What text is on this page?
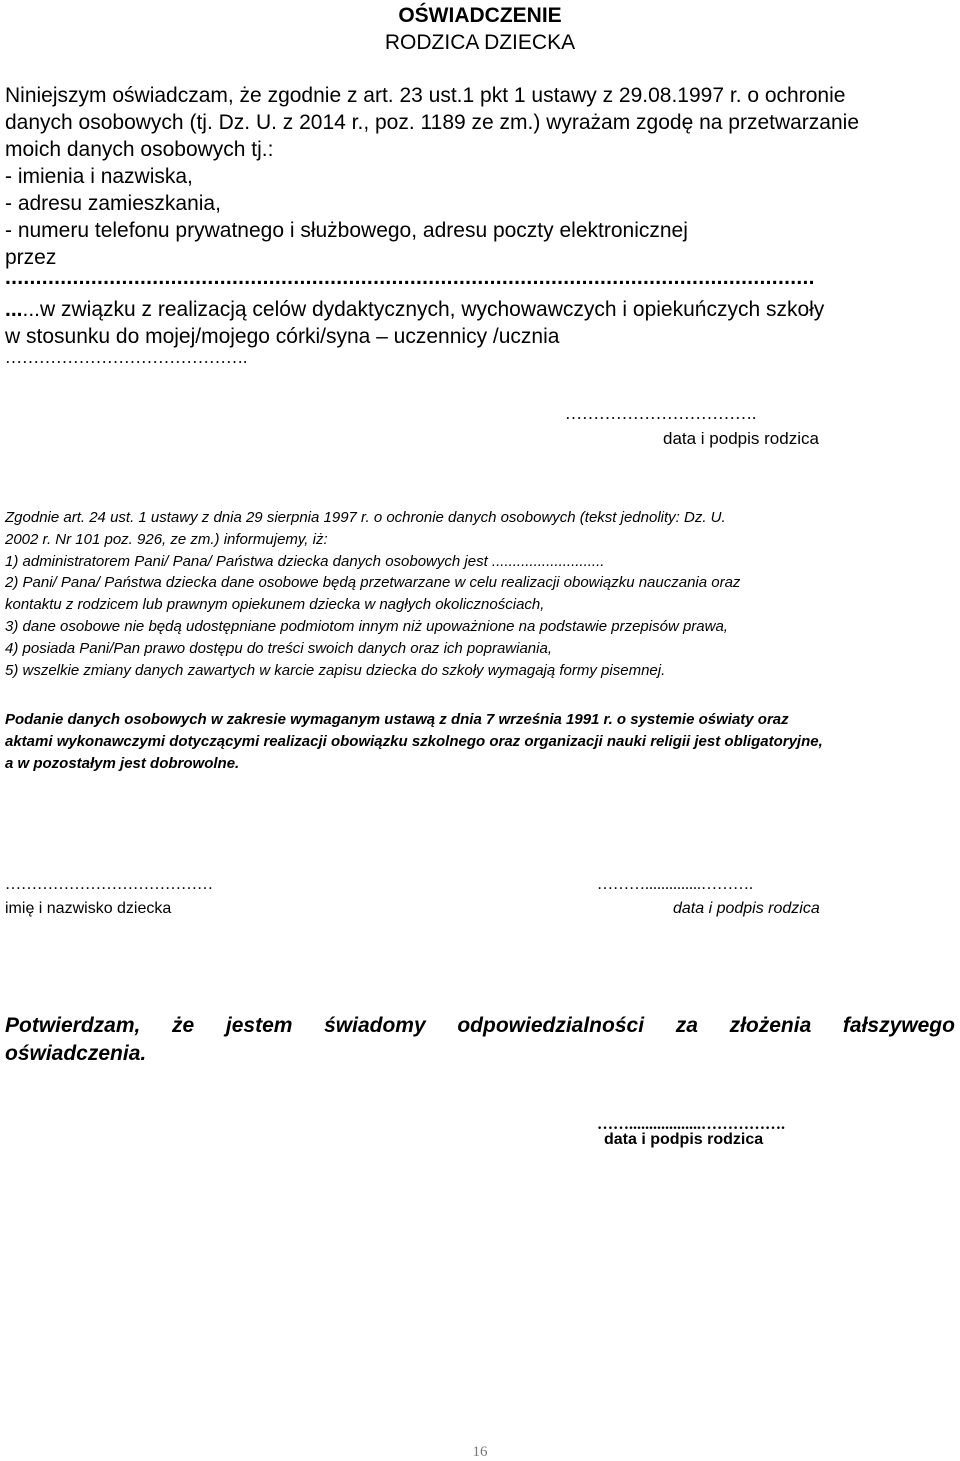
OŚWIADCZENIE
RODZICA DZIECKA
Niniejszym oświadczam, że zgodnie z art. 23 ust.1 pkt 1 ustawy z 29.08.1997 r. o ochronie
danych osobowych (tj. Dz. U. z 2014 r., poz. 1189 ze zm.) wyrażam zgodę na przetwarzanie
moich danych osobowych tj.:
- imienia i nazwiska,
- adresu zamieszkania,
- numeru telefonu prywatnego i służbowego, adresu poczty elektronicznej
przez
....................................................................................................................................
......w związku z realizacją celów dydaktycznych, wychowawczych i opiekuńczych szkoły
w stosunku do mojej/mojego córki/syna – uczennicy /ucznia
…………………………………….
…………………………….
data i podpis rodzica
Zgodnie art. 24 ust. 1 ustawy z dnia 29 sierpnia 1997 r. o ochronie danych osobowych (tekst jednolity: Dz. U.
2002 r. Nr 101 poz. 926, ze zm.) informujemy, iż:
1) administratorem Pani/ Pana/ Państwa dziecka danych osobowych jest ...........................
2) Pani/ Pana/ Państwa dziecka dane osobowe będą przetwarzane w celu realizacji obowiązku nauczania oraz
kontaktu z rodzicem lub prawnym opiekunem dziecka w nagłych okolicznościach,
3) dane osobowe nie będą udostępniane podmiotom innym niż upoważnione na podstawie przepisów prawa,
4) posiada Pani/Pan prawo dostępu do treści swoich danych oraz ich poprawiania,
5) wszelkie zmiany danych zawartych w karcie zapisu dziecka do szkoły wymagają formy pisemnej.
Podanie danych osobowych w zakresie wymaganym ustawą z dnia 7 września 1991 r. o systemie oświaty oraz
aktami wykonawczymi dotyczącymi realizacji obowiązku szkolnego oraz organizacji nauki religii jest obligatoryjne,
a w pozostałym jest dobrowolne.
…………………………………
imię i nazwisko dziecka
………..............……….
data i podpis rodzica
Potwierdzam, że jestem świadomy odpowiedzialności za złożenia fałszywego
oświadczenia.
……..................…………….
data i podpis rodzica
16
